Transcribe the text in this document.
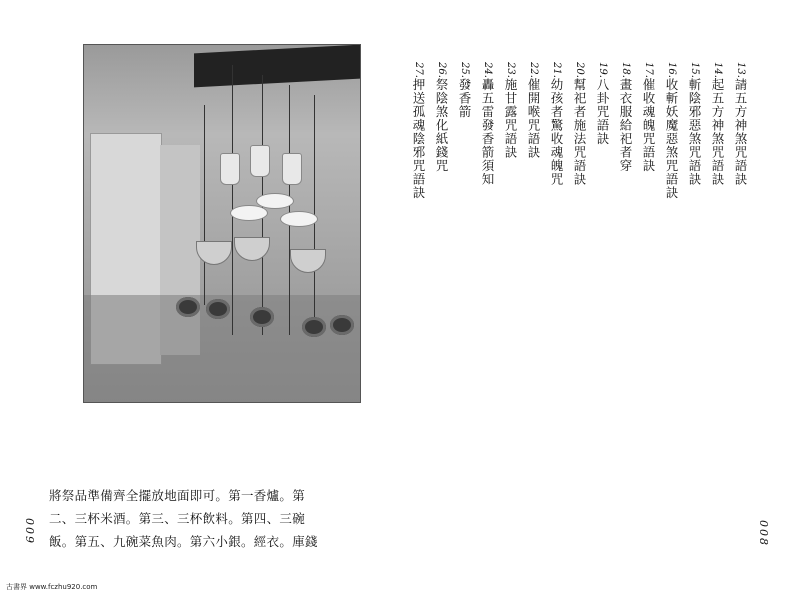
13.請五方神煞咒語訣
14.起五方神煞咒語訣
15.斬陰邪惡煞咒語訣
16.收斬妖魔惡煞咒語訣
17.催收魂魄咒語訣
18.畫衣服給祀者穿
19.八卦咒語訣
20.幫祀者施法咒語訣
21.幼孩者驚收魂魄咒
22.催開喉咒語訣
23.施甘露咒語訣
24.轟五雷發香箭須知
25.發香箭
26.祭陰煞化紙錢咒
27.押送孤魂陰邪咒語訣
將祭品準備齊全擺放地面即可。第一香爐。第
二、三杯米酒。第三、三杯飲料。第四、三碗
飯。第五、九碗菜魚肉。第六小銀。經衣。庫錢
009	008
古書界 www.fczhu920.com
